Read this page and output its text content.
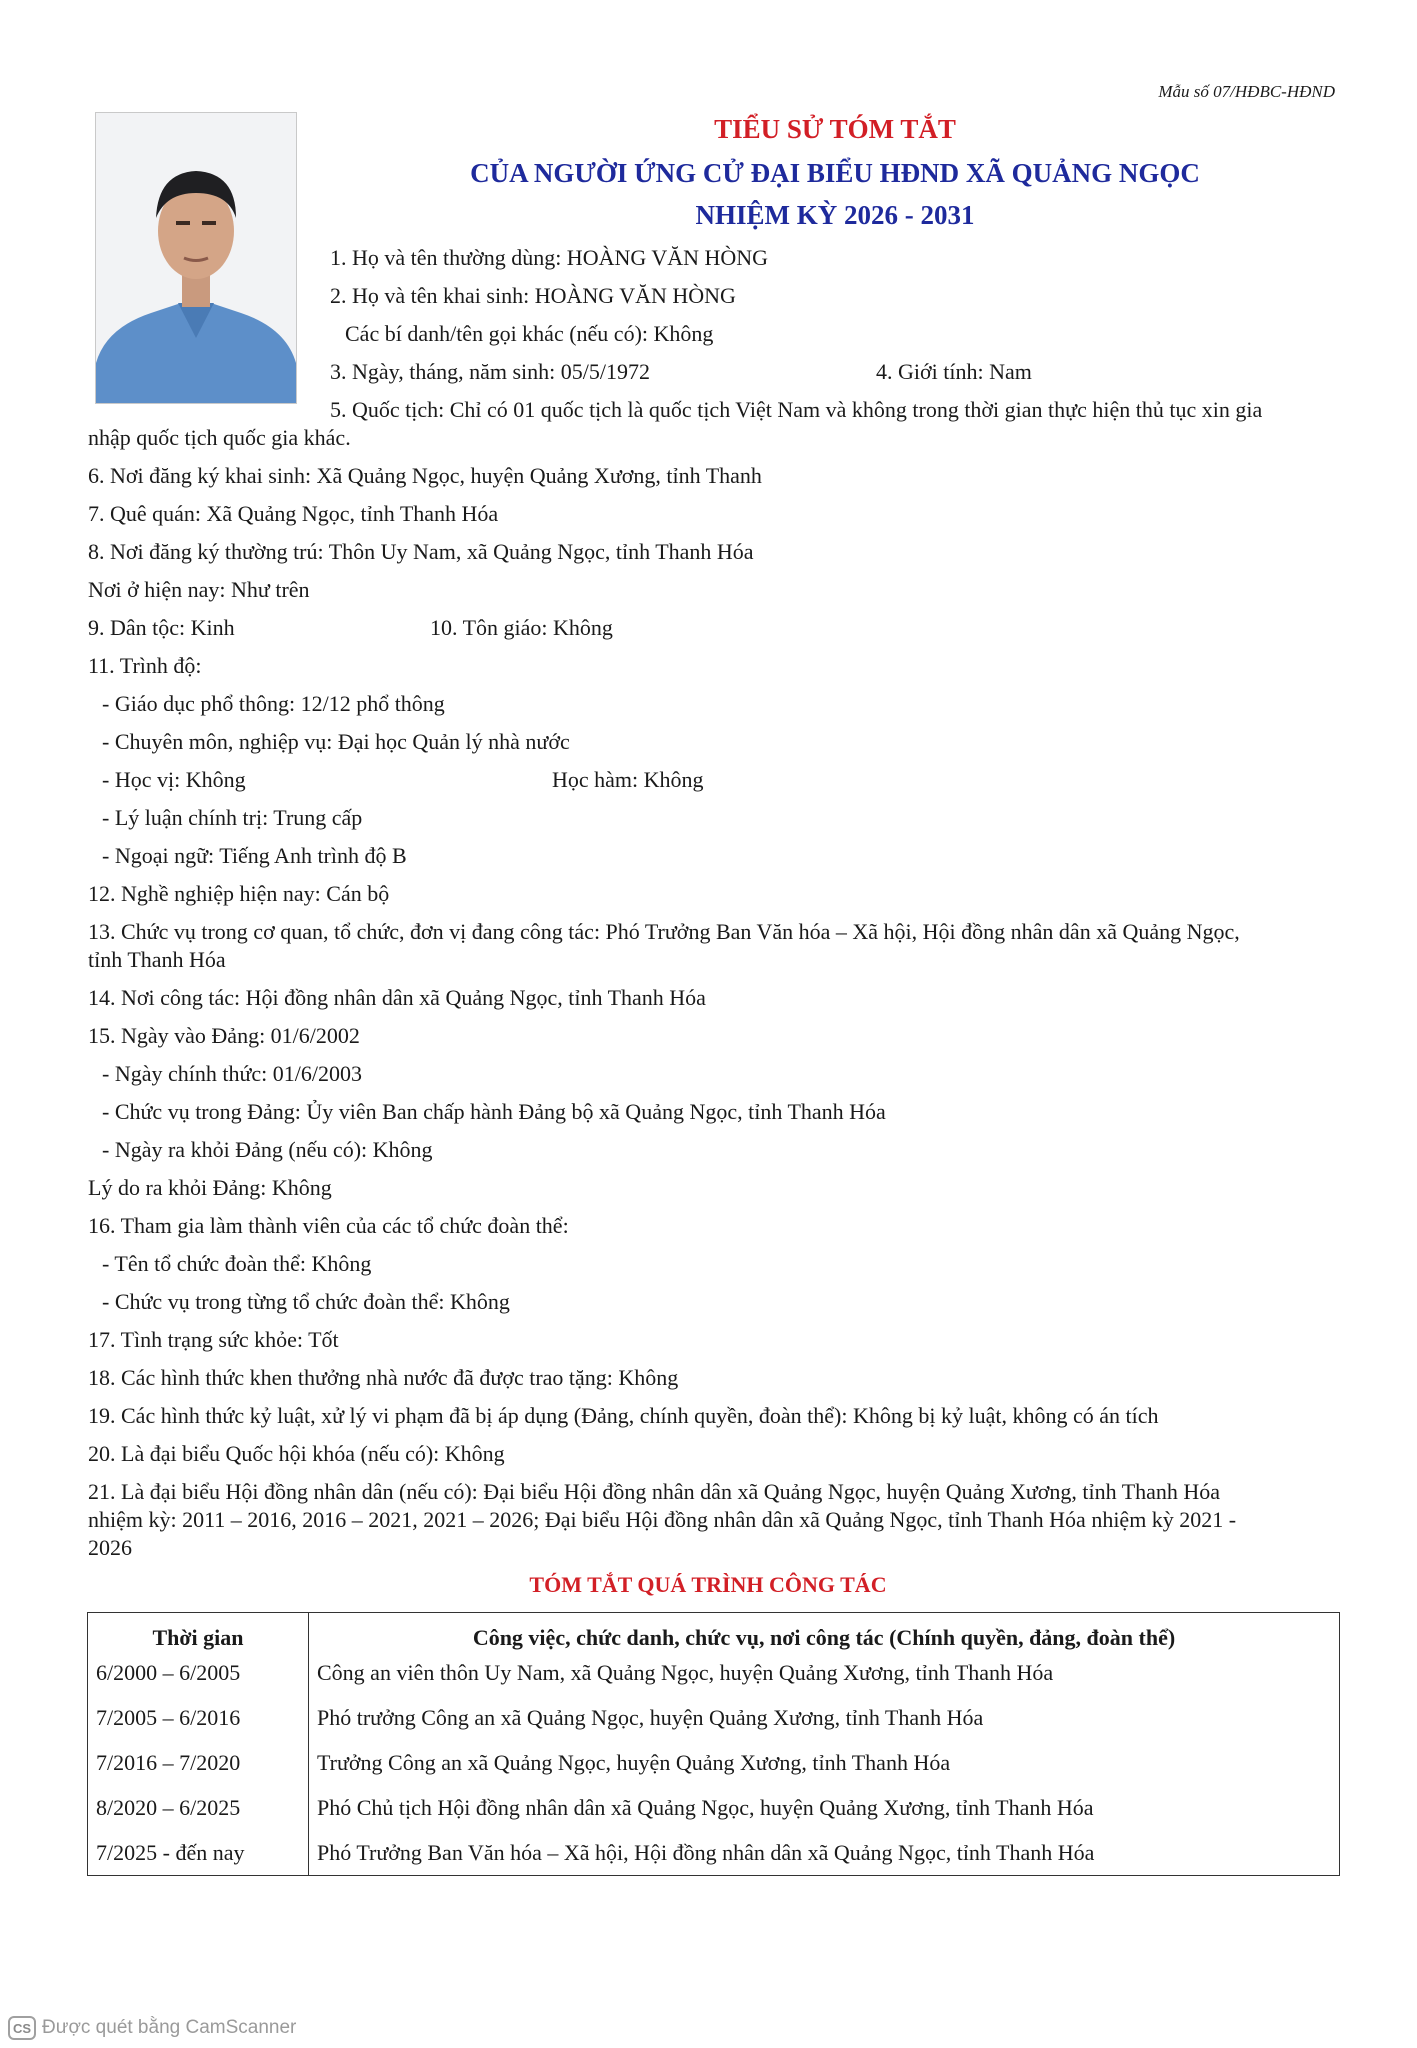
Mẫu số 07/HĐBC-HĐND
TIỂU SỬ TÓM TẮT
CỦA NGƯỜI ỨNG CỬ ĐẠI BIỂU HĐND XÃ QUẢNG NGỌC
NHIỆM KỲ 2026 - 2031
1. Họ và tên thường dùng: HOÀNG VĂN HÒNG
2. Họ và tên khai sinh: HOÀNG VĂN HÒNG
Các bí danh/tên gọi khác (nếu có): Không
3. Ngày, tháng, năm sinh: 05/5/1972	4. Giới tính: Nam
5. Quốc tịch: Chỉ có 01 quốc tịch là quốc tịch Việt Nam và không trong thời gian thực hiện thủ tục xin gia
nhập quốc tịch quốc gia khác.
6. Nơi đăng ký khai sinh: Xã Quảng Ngọc, huyện Quảng Xương, tỉnh Thanh
7. Quê quán: Xã Quảng Ngọc, tỉnh Thanh Hóa
8. Nơi đăng ký thường trú: Thôn Uy Nam, xã Quảng Ngọc, tỉnh Thanh Hóa
Nơi ở hiện nay: Như trên
9. Dân tộc: Kinh	10. Tôn giáo: Không
11. Trình độ:
- Giáo dục phổ thông: 12/12 phổ thông
- Chuyên môn, nghiệp vụ: Đại học Quản lý nhà nước
- Học vị: Không	Học hàm: Không
- Lý luận chính trị: Trung cấp
- Ngoại ngữ: Tiếng Anh trình độ B
12. Nghề nghiệp hiện nay: Cán bộ
13. Chức vụ trong cơ quan, tổ chức, đơn vị đang công tác: Phó Trưởng Ban Văn hóa – Xã hội, Hội đồng nhân dân xã Quảng Ngọc,
tỉnh Thanh Hóa
14. Nơi công tác: Hội đồng nhân dân xã Quảng Ngọc, tỉnh Thanh Hóa
15. Ngày vào Đảng: 01/6/2002
- Ngày chính thức: 01/6/2003
- Chức vụ trong Đảng: Ủy viên Ban chấp hành Đảng bộ xã Quảng Ngọc, tỉnh Thanh Hóa
- Ngày ra khỏi Đảng (nếu có): Không
Lý do ra khỏi Đảng: Không
16. Tham gia làm thành viên của các tổ chức đoàn thể:
- Tên tổ chức đoàn thể: Không
- Chức vụ trong từng tổ chức đoàn thể: Không
17. Tình trạng sức khỏe: Tốt
18. Các hình thức khen thưởng nhà nước đã được trao tặng: Không
19. Các hình thức kỷ luật, xử lý vi phạm đã bị áp dụng (Đảng, chính quyền, đoàn thể): Không bị kỷ luật, không có án tích
20. Là đại biểu Quốc hội khóa (nếu có): Không
21. Là đại biểu Hội đồng nhân dân (nếu có): Đại biểu Hội đồng nhân dân xã Quảng Ngọc, huyện Quảng Xương, tỉnh Thanh Hóa
nhiệm kỳ: 2011 – 2016, 2016 – 2021, 2021 – 2026; Đại biểu Hội đồng nhân dân xã Quảng Ngọc, tỉnh Thanh Hóa nhiệm kỳ 2021 -
2026
TÓM TẮT QUÁ TRÌNH CÔNG TÁC
Thời gian	Công việc, chức danh, chức vụ, nơi công tác (Chính quyền, đảng, đoàn thể)
6/2000 – 6/2005	Công an viên thôn Uy Nam, xã Quảng Ngọc, huyện Quảng Xương, tỉnh Thanh Hóa
7/2005 – 6/2016	Phó trưởng Công an xã Quảng Ngọc, huyện Quảng Xương, tỉnh Thanh Hóa
7/2016 – 7/2020	Trưởng Công an xã Quảng Ngọc, huyện Quảng Xương, tỉnh Thanh Hóa
8/2020 – 6/2025	Phó Chủ tịch Hội đồng nhân dân xã Quảng Ngọc, huyện Quảng Xương, tỉnh Thanh Hóa
7/2025 - đến nay	Phó Trưởng Ban Văn hóa – Xã hội, Hội đồng nhân dân xã Quảng Ngọc, tỉnh Thanh Hóa
CS Được quét bằng CamScanner
